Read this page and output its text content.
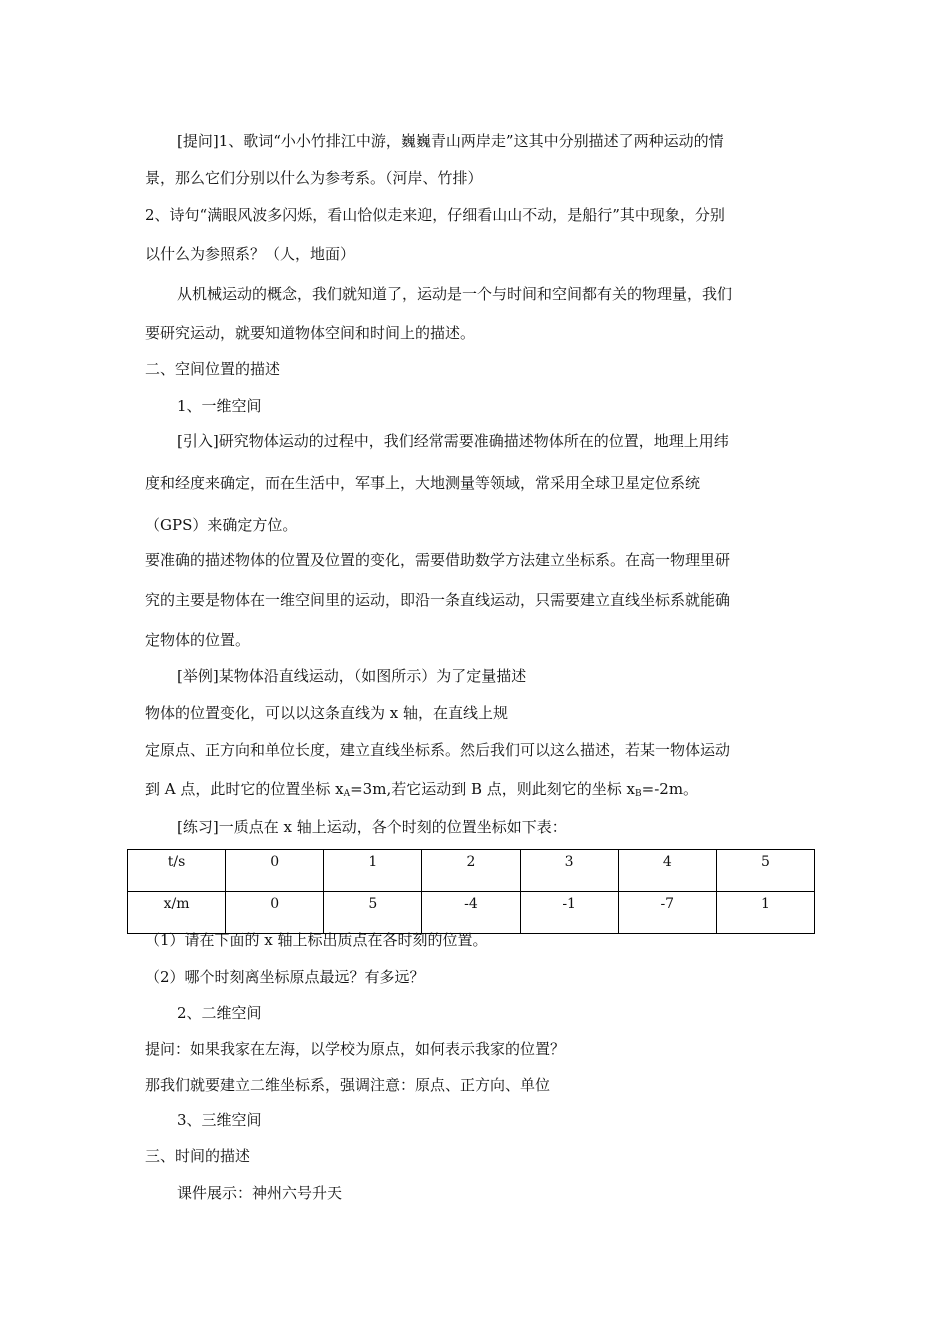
[提问]1、歌词“小小竹排江中游，巍巍青山两岸走”这其中分别描述了两种运动的情
景，那么它们分别以什么为参考系。（河岸、竹排）
2、诗句“满眼风波多闪烁，看山恰似走来迎，仔细看山山不动，是船行”其中现象，分别
以什么为参照系？（人，地面）
从机械运动的概念，我们就知道了，运动是一个与时间和空间都有关的物理量，我们
要研究运动，就要知道物体空间和时间上的描述。
二、空间位置的描述
1、一维空间
[引入]研究物体运动的过程中，我们经常需要准确描述物体所在的位置，地理上用纬
度和经度来确定，而在生活中，军事上，大地测量等领域，常采用全球卫星定位系统
（GPS）来确定方位。
要准确的描述物体的位置及位置的变化，需要借助数学方法建立坐标系。在高一物理里研
究的主要是物体在一维空间里的运动，即沿一条直线运动，只需要建立直线坐标系就能确
定物体的位置。
[举例]某物体沿直线运动，（如图所示）为了定量描述
物体的位置变化，可以以这条直线为 x 轴，在直线上规
定原点、正方向和单位长度，建立直线坐标系。然后我们可以这么描述，若某一物体运动
到 A 点，此时它的位置坐标 $x_A=3m$,若它运动到 B 点，则此刻它的坐标 $x_B=-2m$。
[练习]一质点在 x 轴上运动，各个时刻的位置坐标如下表：
t/s	0	1	2	3	4	5
x/m	0	5	-4	-1	-7	1
（1）请在下面的 x 轴上标出质点在各时刻的位置。
（2）哪个时刻离坐标原点最远？有多远？
2、二维空间
提问：如果我家在左海，以学校为原点，如何表示我家的位置？
那我们就要建立二维坐标系，强调注意：原点、正方向、单位
3、三维空间
三、时间的描述
课件展示：神州六号升天
